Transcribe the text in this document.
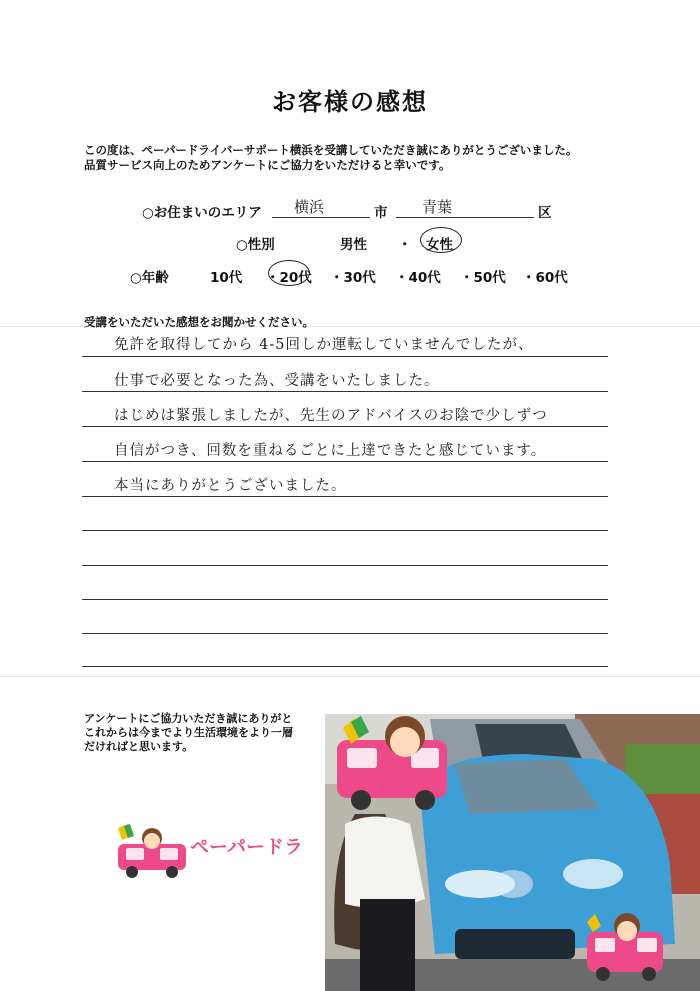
お客様の感想
この度は、ペーパードライバーサポート横浜を受講していただき誠にありがとうございました。
品質サービス向上のためアンケートにご協力をいただけると幸いです。
○お住まいのエリア 横浜	市 青葉	区
○性別	男性 ・ 女性
○年齢	10代 ・20代 ・30代 ・40代 ・50代 ・60代
受講をいただいた感想をお聞かせください。
免許を取得してから 4-5回しか運転していませんでしたが、
仕事で必要となった為、受講をいたしました。
はじめは緊張しましたが、先生のアドバイスのお陰で少しずつ
自信がつき、回数を重ねるごとに上達できたと感じています。
本当にありがとうございました。
アンケートにご協力いただき誠にありがと
これからは今までより生活環境をより一層
だければと思います。
ペーパードラ
